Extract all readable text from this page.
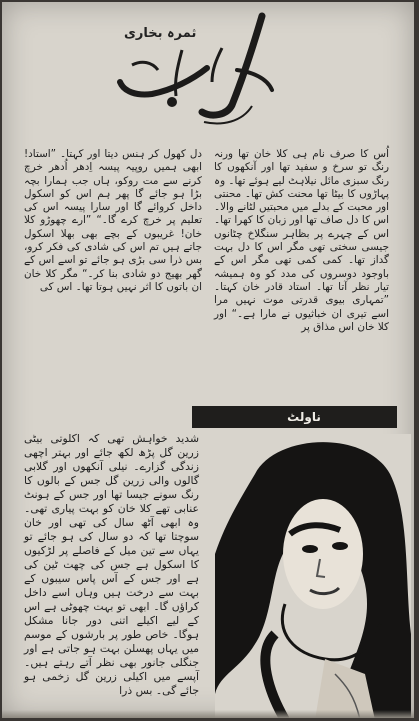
ثمرہ بخاری

اُس کا صرف نام ہی کلا خان تھا ورنہ رنگ تو سرخ و سفید تھا اور آنکھوں کا رنگ سبزی مائل نیلاہٹ لیے ہوئے تھا۔ وہ پہاڑوں کا بیٹا تھا محنت کش تھا۔ محنتی اور محبت کے بدلے میں محبتیں لٹانے والا۔ اس کا دل صاف تھا اور زبان کا کھرا تھا۔ اس کے چہرے پر بظاہر سنگلاخ چٹانوں جیسی سختی تھی مگر اس کا دل بہت گداز تھا۔ کمی کمی تھی مگر اس کے باوجود دوسروں کی مدد کو وہ ہمیشہ تیار نظر آتا تھا۔ استاد قادر خان کہتا۔ ”تمہاری بیوی قدرتی موت نہیں مرا اسے تیری ان خباثیوں نے مارا ہے۔“ اور کلا خان اس مذاق پر

دل کھول کر ہنس دیتا اور کہتا۔ ”استاد! ابھی ہمیں روپیہ پیسہ اِدھر اُدھر خرچ کرنے سے مت روکو، ہاں جب ہمارا بچہ بڑا ہو جائے گا پھر ہم اس کو اسکول داخل کروائے گا اور سارا پیسہ اس کی تعلیم پر خرچ کرے گا۔“ ”ارے چھوڑو کلا خان! غریبوں کے بچے بھی بھلا اسکول جاتے ہیں تم اس کی شادی کی فکر کرو، بس ذرا سی بڑی ہو جائے تو اسے اس کے گھر بھیج دو شادی بنا کر۔“ مگر کلا خان ان باتوں کا اثر نہیں ہوتا تھا۔ اس کی

ناولٹ

شدید خواہش تھی کہ اکلوتی بیٹی زرین گل پڑھ لکھ جائے اور بہتر اچھی زندگی گزارے۔ نیلی آنکھوں اور گلابی گالوں والی زرین گل جس کے بالوں کا رنگ سونے جیسا تھا اور جس کے ہونٹ عنابی تھے کلا خان کو بہت پیاری تھی۔ وہ ابھی آٹھ سال کی تھی اور خان سوچتا تھا کہ دو سال کی ہو جائے تو یہاں سے تین میل کے فاصلے پر لڑکیوں کا اسکول ہے جس کی چھت ٹین کی ہے اور جس کے آس پاس سیبوں کے بہت سے درخت ہیں وہاں اسے داخل کراؤں گا۔ ابھی تو بہت چھوٹی ہے اس کے لیے اکیلے اتنی دور جانا مشکل ہوگا۔ خاص طور پر بارشوں کے موسم میں یہاں پھسلن بہت ہو جاتی ہے اور جنگلی جانور بھی نظر آتے رہتے ہیں۔ آپسے میں اکیلی زرین گل زخمی ہو جائے گی۔ بس ذرا
